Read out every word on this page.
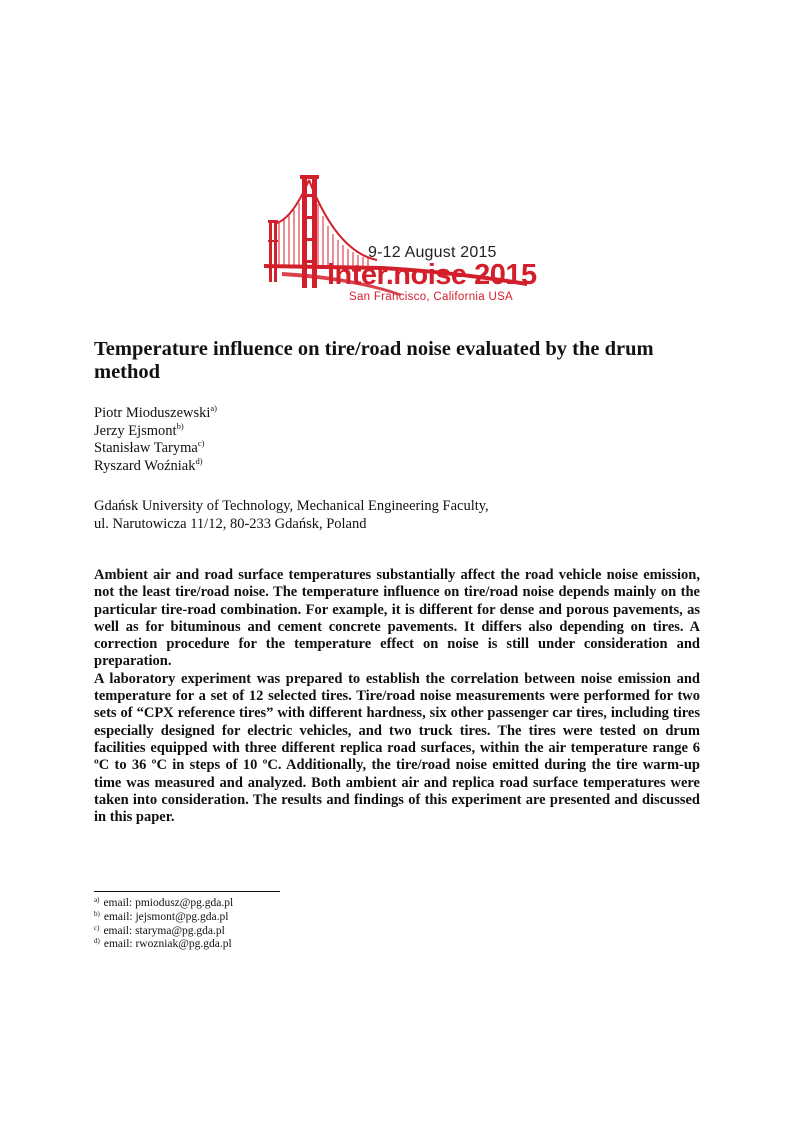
9-12 August 2015
inter.noise 2015
San Francisco, California USA
Temperature influence on tire/road noise evaluated by the drum method
Piotr Mioduszewski$^{a)}$
Jerzy Ejsmont$^{b)}$
Stanisław Taryma$^{c)}$
Ryszard Woźniak$^{d)}$
Gdańsk University of Technology, Mechanical Engineering Faculty,
ul. Narutowicza 11/12, 80-233 Gdańsk, Poland

Ambient air and road surface temperatures substantially affect the road vehicle noise emission, not the least tire/road noise. The temperature influence on tire/road noise depends mainly on the particular tire-road combination. For example, it is different for dense and porous pavements, as well as for bituminous and cement concrete pavements. It differs also depending on tires. A correction procedure for the temperature effect on noise is still under consideration and preparation.

A laboratory experiment was prepared to establish the correlation between noise emission and temperature for a set of 12 selected tires. Tire/road noise measurements were performed for two sets of “CPX reference tires” with different hardness, six other passenger car tires, including tires especially designed for electric vehicles, and two truck tires. The tires were tested on drum facilities equipped with three different replica road surfaces, within the air temperature range 6 ºC to 36 ºC in steps of 10 ºC. Additionally, the tire/road noise emitted during the tire warm-up time was measured and analyzed. Both ambient air and replica road surface temperatures were taken into consideration. The results and findings of this experiment are presented and discussed in this paper.

$^{a)}$ email: pmiodusz@pg.gda.pl
$^{b)}$ email: jejsmont@pg.gda.pl
$^{c)}$ email: staryma@pg.gda.pl
$^{d)}$ email: rwozniak@pg.gda.pl
